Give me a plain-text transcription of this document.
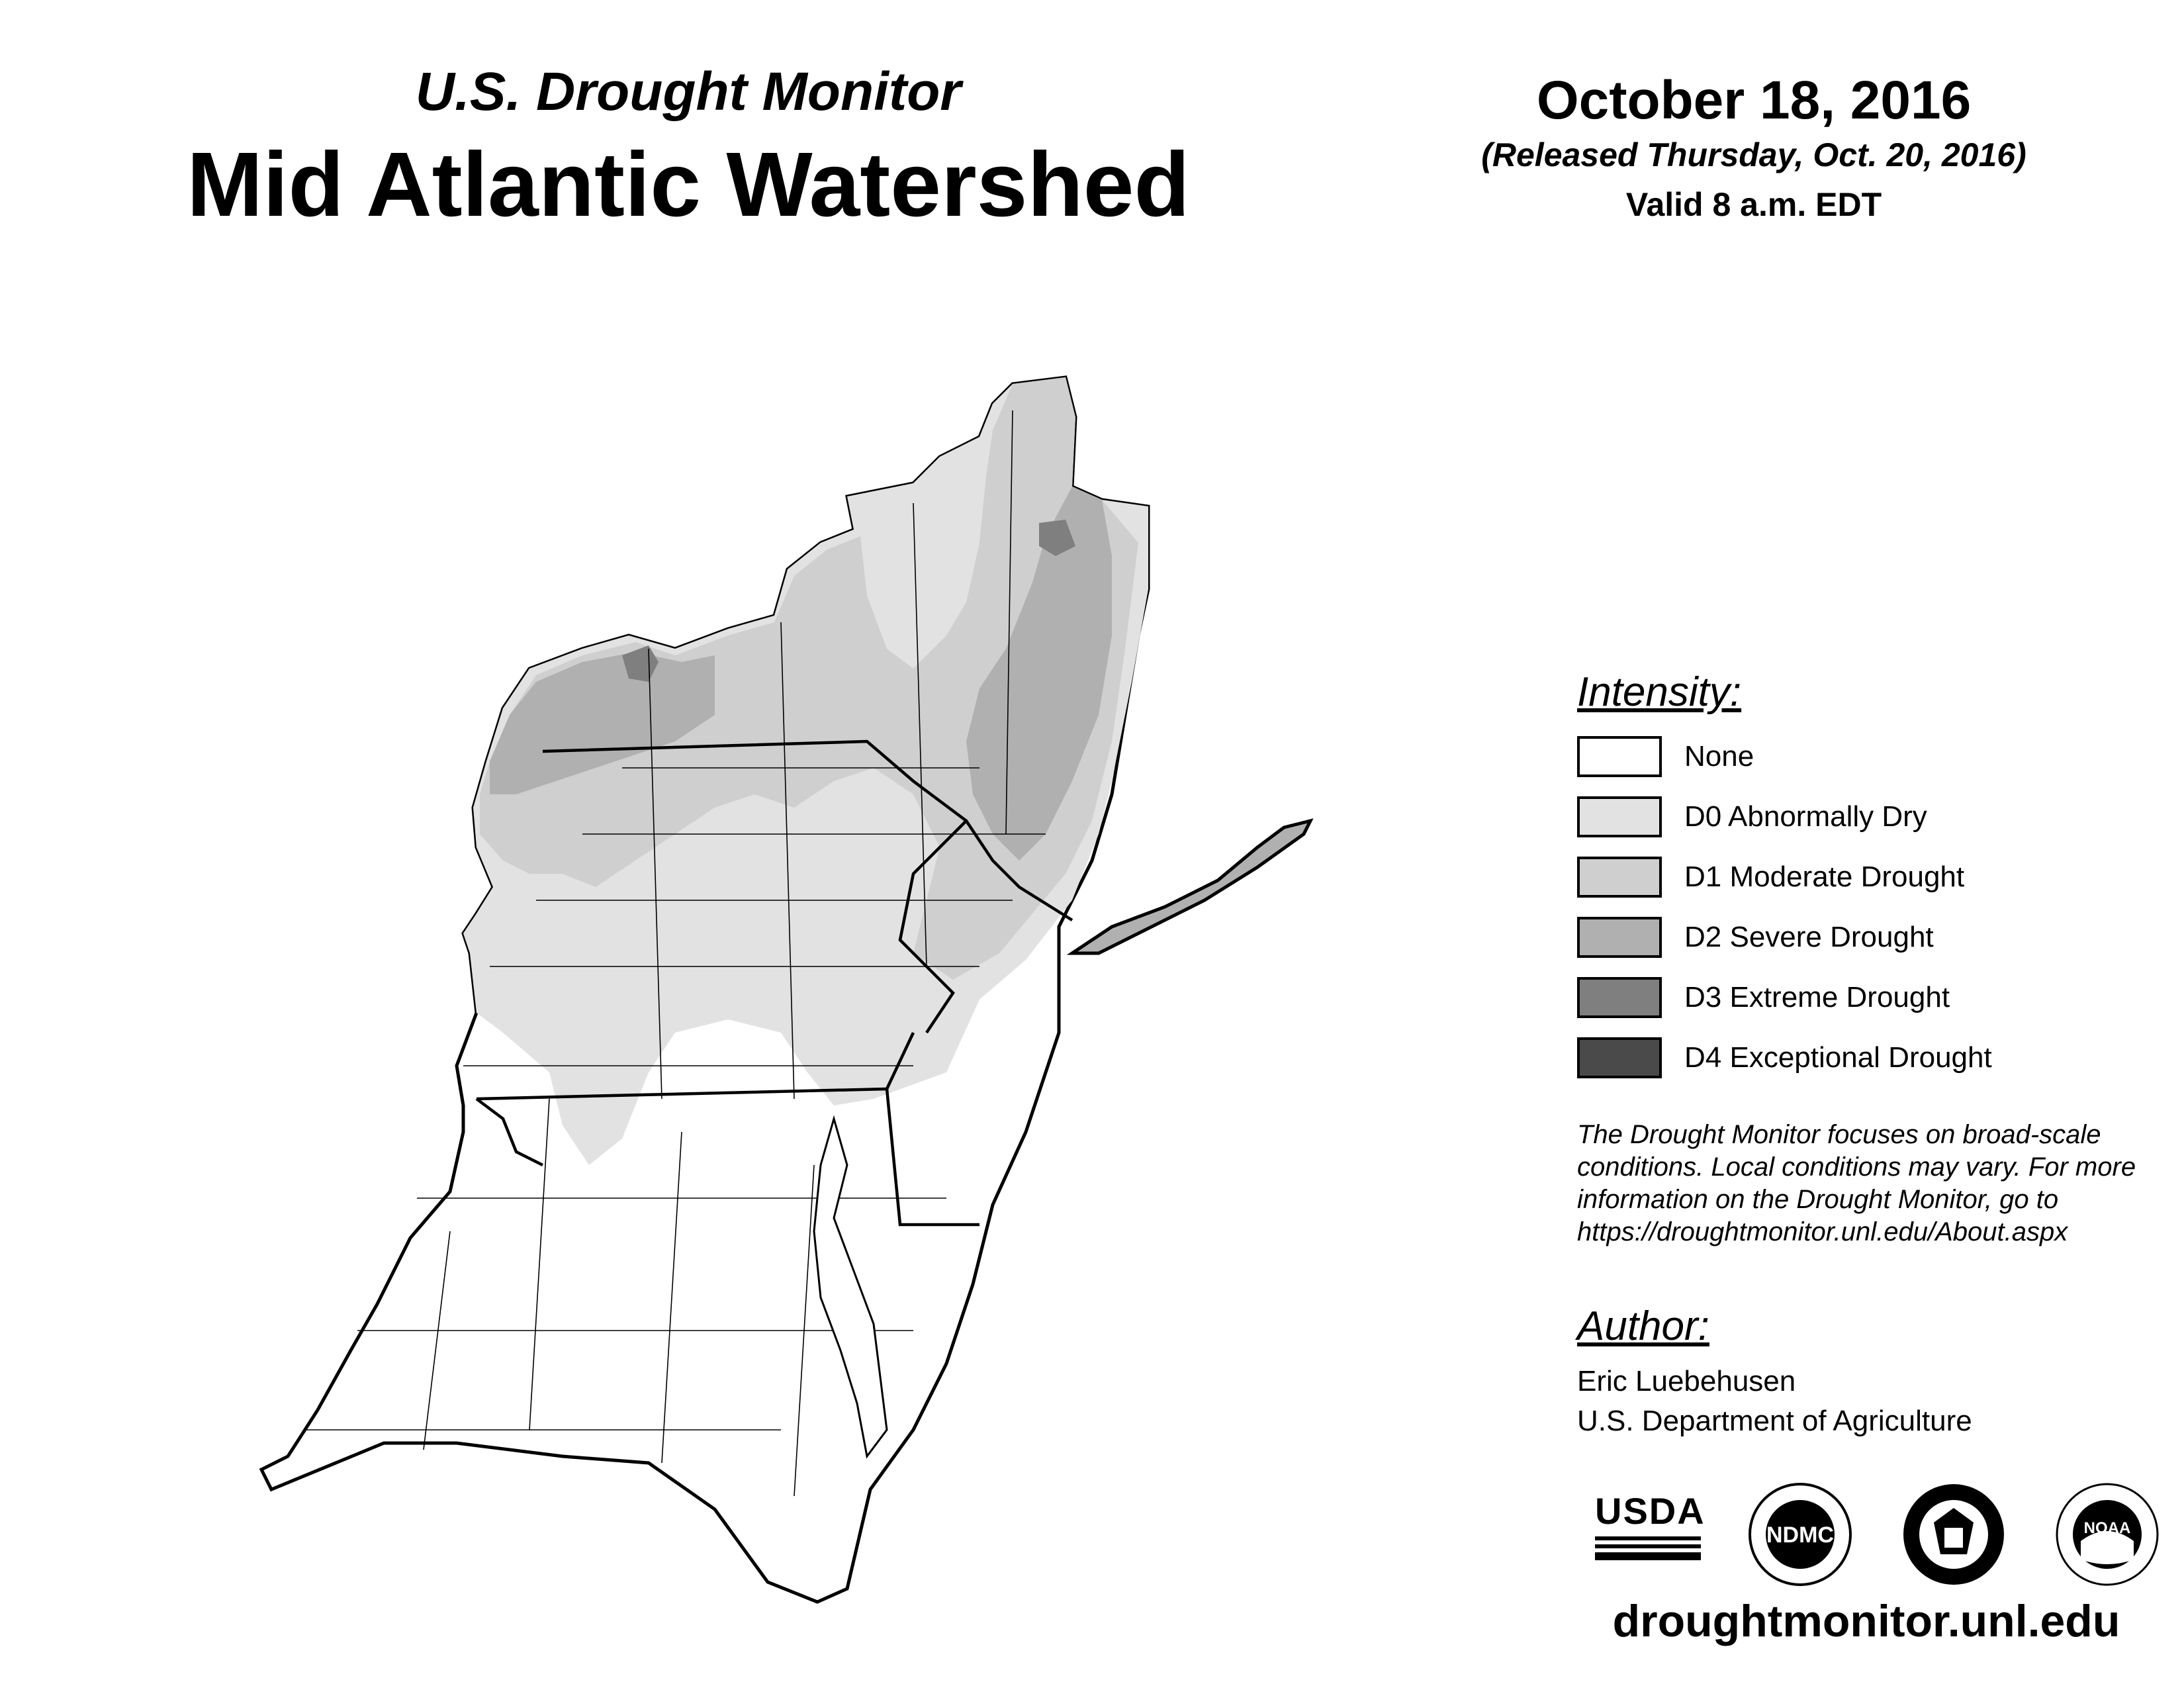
U.S. Drought Monitor
Mid Atlantic Watershed
October 18, 2016
(Released Thursday, Oct. 20, 2016)
Valid 8 a.m. EDT
Intensity:
None
D0 Abnormally Dry
D1 Moderate Drought
D2 Severe Drought
D3 Extreme Drought
D4 Exceptional Drought
The Drought Monitor focuses on broad-scale
conditions. Local conditions may vary. For more
information on the Drought Monitor, go to
https://droughtmonitor.unl.edu/About.aspx
Author:
Eric Luebehusen
U.S. Department of Agriculture
USDA
NDMC	NOAA
droughtmonitor.unl.edu
